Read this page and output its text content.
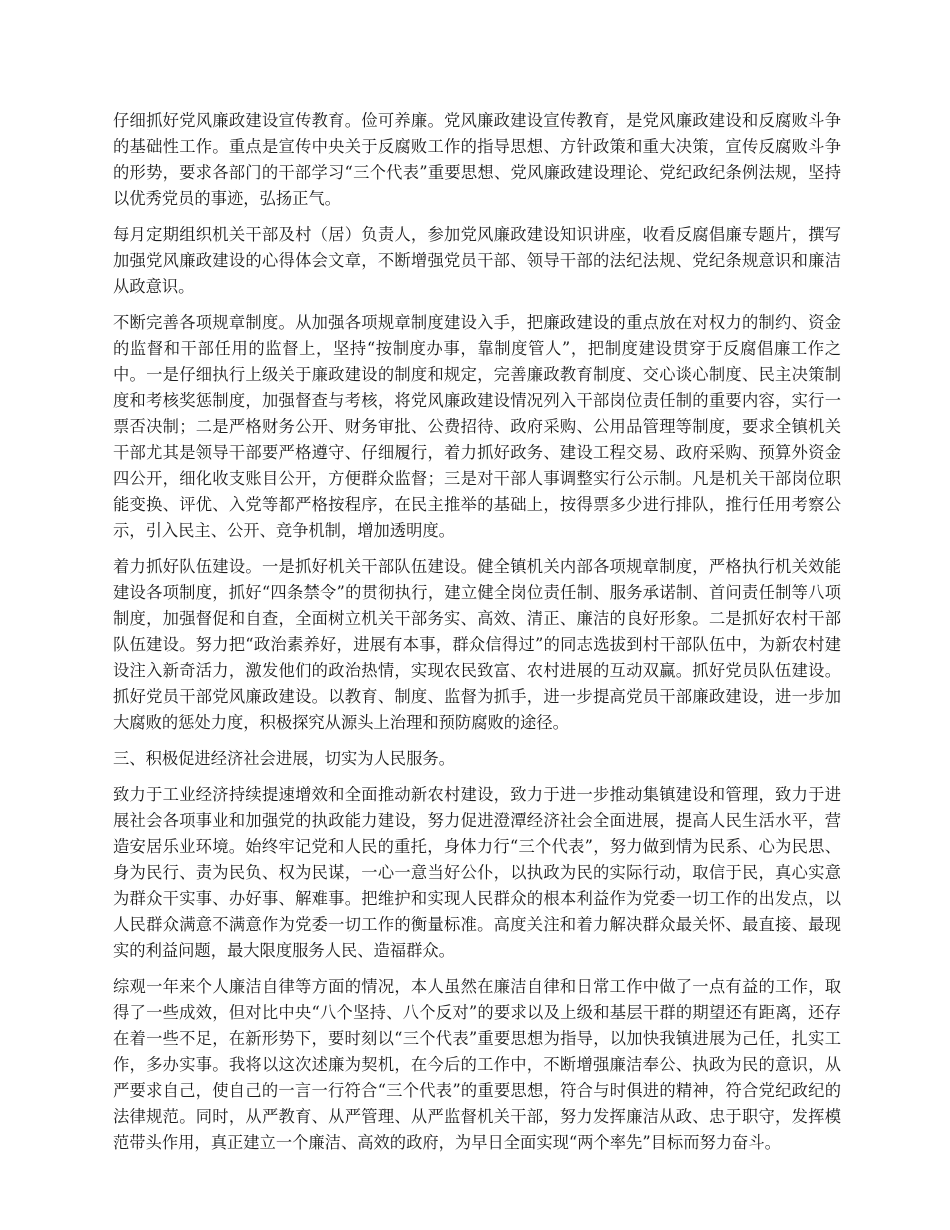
仔细抓好党风廉政建设宣传教育。俭可养廉。党风廉政建设宣传教育，是党风廉政建设和反腐败斗争的基础性工作。重点是宣传中央关于反腐败工作的指导思想、方针政策和重大决策，宣传反腐败斗争的形势，要求各部门的干部学习“三个代表”重要思想、党风廉政建设理论、党纪政纪条例法规，坚持以优秀党员的事迹，弘扬正气。

每月定期组织机关干部及村（居）负责人，参加党风廉政建设知识讲座，收看反腐倡廉专题片，撰写加强党风廉政建设的心得体会文章，不断增强党员干部、领导干部的法纪法规、党纪条规意识和廉洁从政意识。

不断完善各项规章制度。从加强各项规章制度建设入手，把廉政建设的重点放在对权力的制约、资金的监督和干部任用的监督上，坚持“按制度办事，靠制度管人”，把制度建设贯穿于反腐倡廉工作之中。一是仔细执行上级关于廉政建设的制度和规定，完善廉政教育制度、交心谈心制度、民主决策制度和考核奖惩制度，加强督查与考核，将党风廉政建设情况列入干部岗位责任制的重要内容，实行一票否决制；二是严格财务公开、财务审批、公费招待、政府采购、公用品管理等制度，要求全镇机关干部尤其是领导干部要严格遵守、仔细履行，着力抓好政务、建设工程交易、政府采购、预算外资金四公开，细化收支账目公开，方便群众监督；三是对干部人事调整实行公示制。凡是机关干部岗位职能变换、评优、入党等都严格按程序，在民主推举的基础上，按得票多少进行排队，推行任用考察公示，引入民主、公开、竞争机制，增加透明度。

着力抓好队伍建设。一是抓好机关干部队伍建设。健全镇机关内部各项规章制度，严格执行机关效能建设各项制度，抓好“四条禁令”的贯彻执行，建立健全岗位责任制、服务承诺制、首问责任制等八项制度，加强督促和自查，全面树立机关干部务实、高效、清正、廉洁的良好形象。二是抓好农村干部队伍建设。努力把“政治素养好，进展有本事，群众信得过”的同志选拔到村干部队伍中，为新农村建设注入新奇活力，激发他们的政治热情，实现农民致富、农村进展的互动双赢。抓好党员队伍建设。抓好党员干部党风廉政建设。以教育、制度、监督为抓手，进一步提高党员干部廉政建设，进一步加大腐败的惩处力度，积极探究从源头上治理和预防腐败的途径。

三、积极促进经济社会进展，切实为人民服务。

致力于工业经济持续提速增效和全面推动新农村建设，致力于进一步推动集镇建设和管理，致力于进展社会各项事业和加强党的执政能力建设，努力促进澄潭经济社会全面进展，提高人民生活水平，营造安居乐业环境。始终牢记党和人民的重托，身体力行“三个代表”，努力做到情为民系、心为民思、身为民行、责为民负、权为民谋，一心一意当好公仆，以执政为民的实际行动，取信于民，真心实意为群众干实事、办好事、解难事。把维护和实现人民群众的根本利益作为党委一切工作的出发点，以人民群众满意不满意作为党委一切工作的衡量标准。高度关注和着力解决群众最关怀、最直接、最现实的利益问题，最大限度服务人民、造福群众。

综观一年来个人廉洁自律等方面的情况，本人虽然在廉洁自律和日常工作中做了一点有益的工作，取得了一些成效，但对比中央“八个坚持、八个反对”的要求以及上级和基层干群的期望还有距离，还存在着一些不足，在新形势下，要时刻以“三个代表”重要思想为指导，以加快我镇进展为己任，扎实工作，多办实事。我将以这次述廉为契机，在今后的工作中，不断增强廉洁奉公、执政为民的意识，从严要求自己，使自己的一言一行符合“三个代表”的重要思想，符合与时俱进的精神，符合党纪政纪的法律规范。同时，从严教育、从严管理、从严监督机关干部，努力发挥廉洁从政、忠于职守，发挥模范带头作用，真正建立一个廉洁、高效的政府，为早日全面实现“两个率先”目标而努力奋斗。
